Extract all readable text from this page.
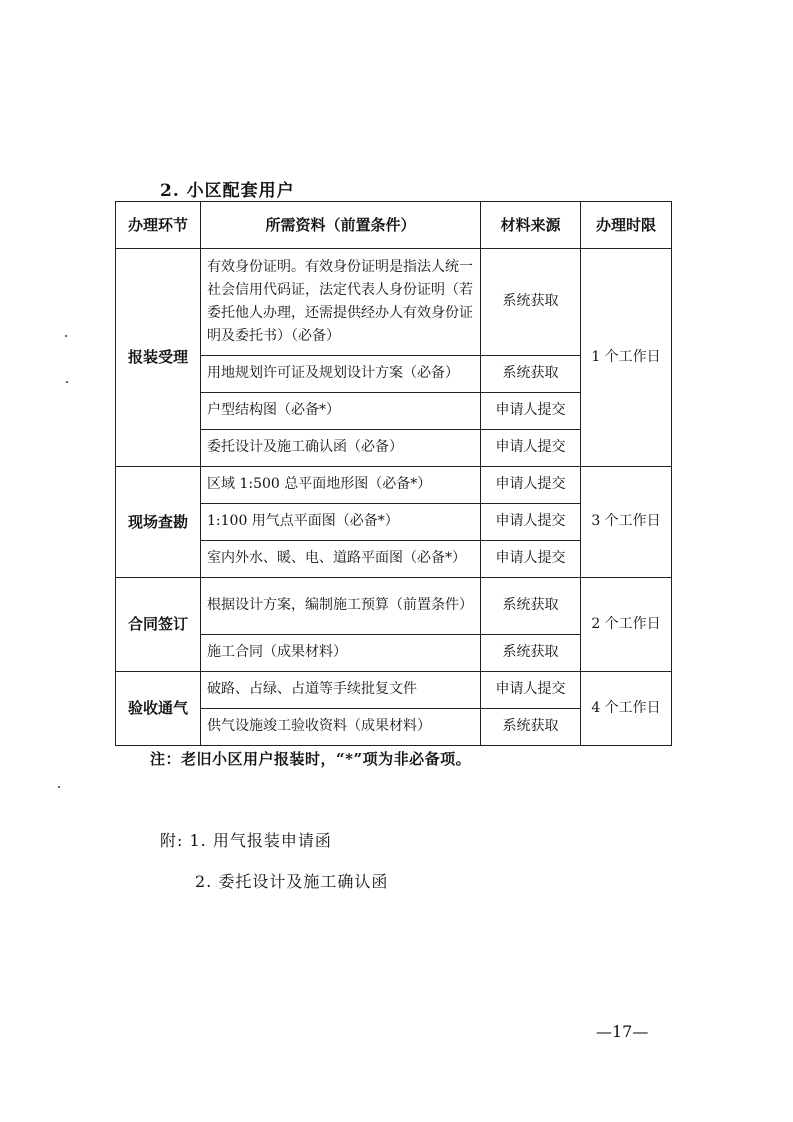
2. 小区配套用户
办理环节	所需资料（前置条件）	材料来源	办理时限
报装受理	有效身份证明。有效身份证明是指法人统一社会信用代码证，法定代表人身份证明（若委托他人办理，还需提供经办人有效身份证明及委托书）（必备）	系统获取	1 个工作日
	用地规划许可证及规划设计方案（必备）	系统获取	
	户型结构图（必备*）	申请人提交	
	委托设计及施工确认函（必备）	申请人提交	
现场查勘	区域 1:500 总平面地形图（必备*）	申请人提交	3 个工作日
	1:100 用气点平面图（必备*）	申请人提交	
	室内外水、暖、电、道路平面图（必备*）	申请人提交	
合同签订	根据设计方案，编制施工预算（前置条件）	系统获取	2 个工作日
	施工合同（成果材料）	系统获取	
验收通气	破路、占绿、占道等手续批复文件	申请人提交	4 个工作日
	供气设施竣工验收资料（成果材料）	系统获取	
注：老旧小区用户报装时，“*”项为非必备项。
附: 1. 用气报装申请函
2. 委托设计及施工确认函
—17—
